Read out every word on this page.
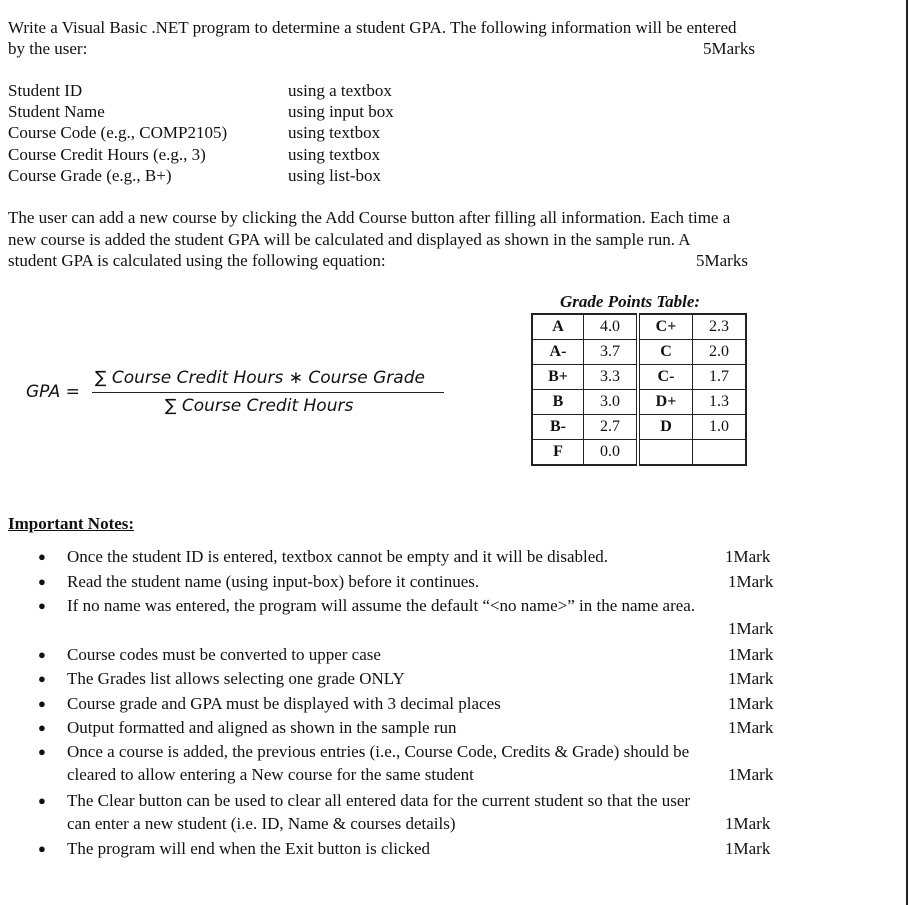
Write a Visual Basic .NET program to determine a student GPA. The following information will be entered
by the user:	5Marks
Student ID	using a textbox
Student Name	using input box
Course Code (e.g., COMP2105)	using textbox
Course Credit Hours (e.g., 3)	using textbox
Course Grade (e.g., B+)	using list-box
The user can add a new course by clicking the Add Course button after filling all information. Each time a
new course is added the student GPA will be calculated and displayed as shown in the sample run. A
student GPA is calculated using the following equation:	5Marks
GPA =
∑ Course Credit Hours ∗ Course Grade
∑ Course Credit Hours
Grade Points Table:
A	4.0	C+	2.3
A-	3.7	C	2.0
B+	3.3	C-	1.7
B	3.0	D+	1.3
B-	2.7	D	1.0
F	0.0		
Important Notes:
● Once the student ID is entered, textbox cannot be empty and it will be disabled.	1Mark
● Read the student name (using input-box) before it continues.	1Mark
● If no name was entered, the program will assume the default “<no name>” in the name area.
1Mark
● Course codes must be converted to upper case	1Mark
● The Grades list allows selecting one grade ONLY	1Mark
● Course grade and GPA must be displayed with 3 decimal places	1Mark
● Output formatted and aligned as shown in the sample run	1Mark
● Once a course is added, the previous entries (i.e., Course Code, Credits & Grade) should be
cleared to allow entering a New course for the same student	1Mark
● The Clear button can be used to clear all entered data for the current student so that the user
can enter a new student (i.e. ID, Name & courses details)	1Mark
● The program will end when the Exit button is clicked	1Mark
